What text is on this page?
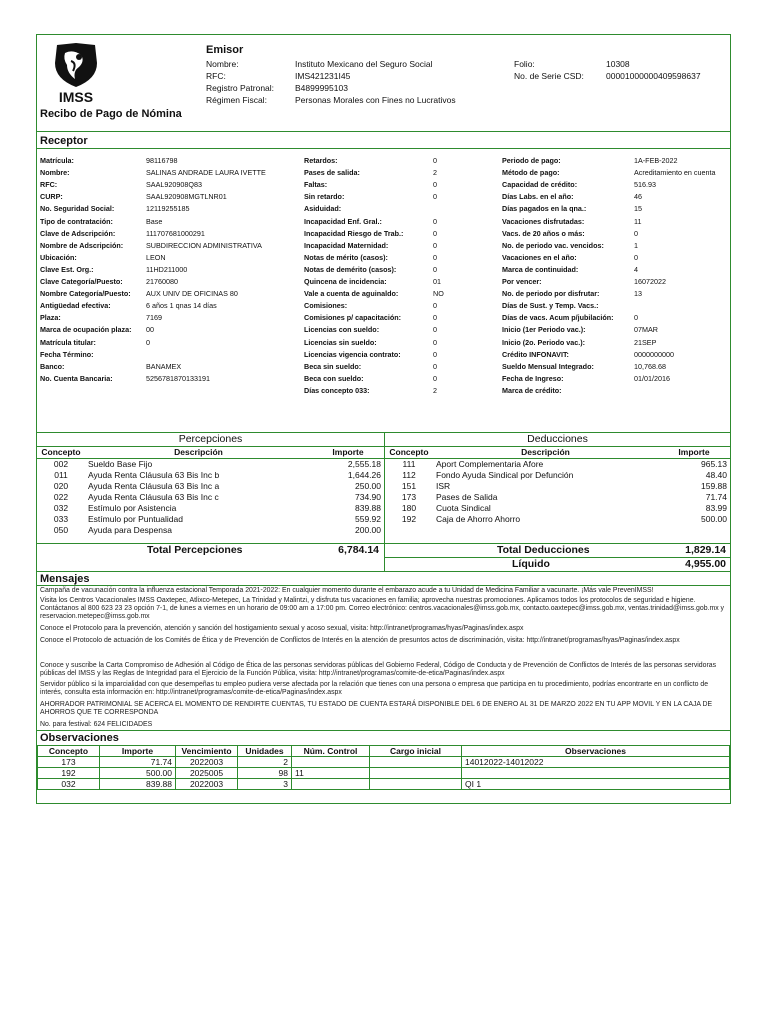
IMSS
Recibo de Pago de Nómina
Emisor
Nombre:	Instituto Mexicano del Seguro Social
RFC:	IMS421231I45
Registro Patronal: B4899995103
Régimen Fiscal:	Personas Morales con Fines no Lucrativos
Folio:	10308
No. de Serie CSD:	00001000000409598637
Receptor
Matrícula:	98116798
Nombre:	SALINAS ANDRADE LAURA IVETTE
RFC:	SAAL920908Q83
CURP:	SAAL920908MGTLNR01
No. Seguridad Social:	12119255185
Tipo de contratación:	Base
Clave de Adscripción:	111707681000291
Nombre de Adscripción:	SUBDIRECCION ADMINISTRATIVA
Ubicación:	LEON
Clave Est. Org.:	11HD211000
Clave Categoría/Puesto:	21760080
Nombre Categoría/Puesto: AUX UNIV DE OFICINAS 80
Antigüedad efectiva:	6 años 1 qnas 14 días
Plaza:	7169
Marca de ocupación plaza: 00
Matrícula titular:	0
Fecha Término:
Banco:	BANAMEX
No. Cuenta Bancaria:	5256781870133191
Retardos:	0
Pases de salida:	2
Faltas:	0
Sin retardo:	0
Asiduidad:
Incapacidad Enf. Gral.:	0
Incapacidad Riesgo de Trab.:	0
Incapacidad Maternidad:	0
Notas de mérito (casos):	0
Notas de demérito (casos):	0
Quincena de incidencia:	01
Vale a cuenta de aguinaldo:	NO
Comisiones:	0
Comisiones p/ capacitación:	0
Licencias con sueldo:	0
Licencias sin sueldo:	0
Licencias vigencia contrato:	0
Beca sin sueldo:	0
Beca con sueldo:	0
Días concepto 033:	2
Periodo de pago:	1A-FEB-2022
Método de pago:	Acreditamiento en cuenta
Capacidad de crédito:	516.93
Días Labs. en el año:	46
Días pagados en la qna.:	15
Vacaciones disfrutadas:	11
Vacs. de 20 años o más:	0
No. de periodo vac. vencidos:	1
Vacaciones en el año:	0
Marca de continuidad:	4
Por vencer:	16072022
No. de periodo por disfrutar:	13
Días de Sust. y Temp. Vacs.:
Días de vacs. Acum p/jubilación:	0
Inicio (1er Periodo vac.):	07MAR
Inicio (2o. Periodo vac.):	21SEP
Crédito INFONAVIT:	0000000000
Sueldo Mensual Integrado:	10,768.68
Fecha de Ingreso:	01/01/2016
Marca de crédito:
Percepciones	Deducciones
Concepto	Descripción	Importe
002	Sueldo Base Fijo	2,555.18
011	Ayuda Renta Cláusula 63 Bis Inc b	1,644.26
020	Ayuda Renta Cláusula 63 Bis Inc a	250.00
022	Ayuda Renta Cláusula 63 Bis Inc c	734.90
032	Estímulo por Asistencia	839.88
033	Estímulo por Puntualidad	559.92
050	Ayuda para Despensa	200.00
Concepto	Descripción	Importe
111	Aport Complementaria Afore	965.13
112	Fondo Ayuda Sindical por Defunción	48.40
151	ISR	159.88
173	Pases de Salida	71.74
180	Cuota Sindical	83.99
192	Caja de Ahorro Ahorro	500.00
Total Percepciones	6,784.14	Total Deducciones	1,829.14
Líquido	4,955.00
Mensajes
Campaña de vacunación contra la influenza estacional Temporada 2021-2022: En cualquier momento durante el embarazo acude a tu Unidad de Medicina Familiar a vacunarte. ¡Más vale PrevenIMSS!
Visita los Centros Vacacionales IMSS Oaxtepec, Atlixco-Metepec, La Trinidad y Malintzi, y disfruta tus vacaciones en familia; aprovecha nuestras promociones. Aplicamos todos los protocolos de seguridad e higiene. Contáctanos al 800 623 23 23 opción 7-1, de lunes a viernes en un horario de 09:00 am a 17:00 pm. Correo electrónico: centros.vacacionales@imss.gob.mx, contacto.oaxtepec@imss.gob.mx, ventas.trinidad@imss.gob.mx y reservacion.metepec@imss.gob.mx
Conoce el Protocolo para la prevención, atención y sanción del hostigamiento sexual y acoso sexual, visita: http://intranet/programas/hyas/Paginas/index.aspx
Conoce el Protocolo de actuación de los Comités de Ética y de Prevención de Conflictos de Interés en la atención de presuntos actos de discriminación, visita: http://intranet/programas/hyas/Paginas/index.aspx
Conoce y suscribe la Carta Compromiso de Adhesión al Código de Ética de las personas servidoras públicas del Gobierno Federal, Código de Conducta y de Prevención de Conflictos de Interés de las personas servidoras públicas del IMSS y las Reglas de Integridad para el Ejercicio de la Función Pública, visita: http://intranet/programas/comite-de-etica/Paginas/index.aspx
Servidor público si la imparcialidad con que desempeñas tu empleo pudiera verse afectada por la relación que tienes con una persona o empresa que participa en tu procedimiento, podrías encontrarte en un conflicto de interés, consulta esta información en: http://intranet/programas/comite-de-etica/Paginas/index.aspx
AHORRADOR PATRIMONIAL SE ACERCA EL MOMENTO DE RENDIRTE CUENTAS, TU ESTADO DE CUENTA ESTARÁ DISPONIBLE DEL 6 DE ENERO AL 31 DE MARZO 2022 EN TU APP MOVIL Y EN LA CAJA DE AHORROS QUE TE CORRESPONDA
No. para festival: 624 FELICIDADES
Observaciones
Concepto	Importe	Vencimiento	Unidades	Núm. Control	Cargo inicial	Observaciones
173	71.74	2022003	2			14012022-14012022
192	500.00	2025005	98	11		
032	839.88	2022003	3			QI 1
